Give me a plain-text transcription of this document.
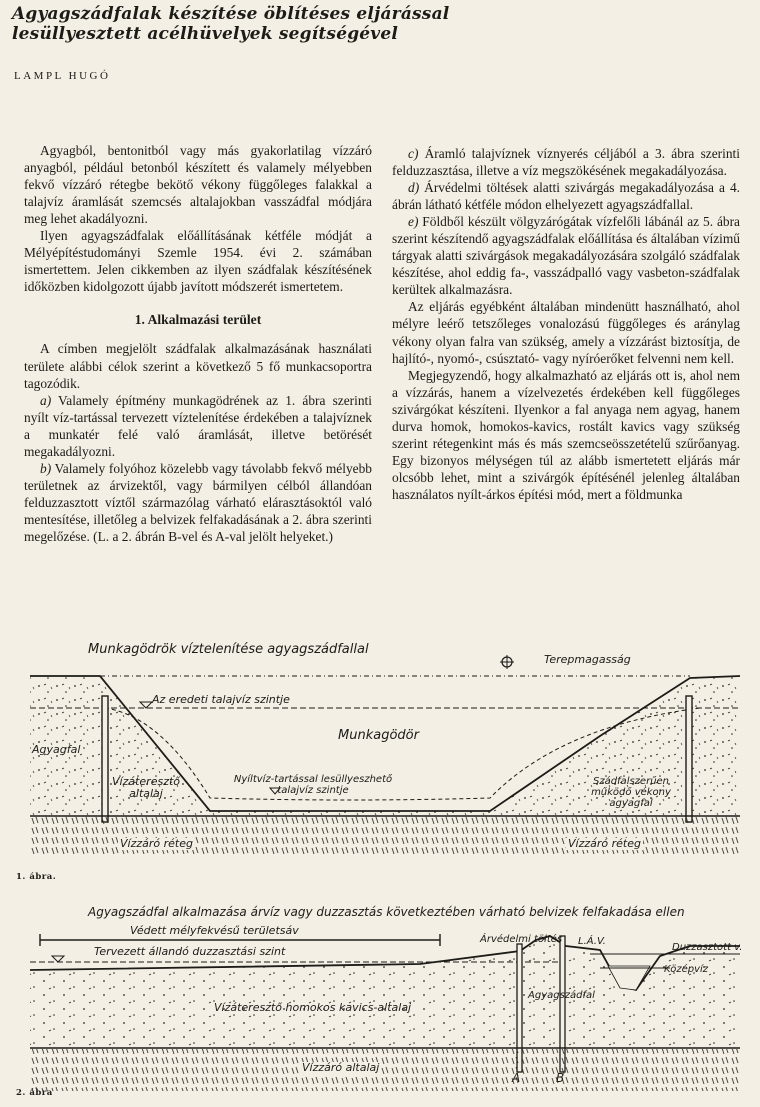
Agyagszádfalak készítése öblítéses eljárással
lesüllyesztett acélhüvelyek segítségével
LAMPL HUGÓ

Agyagból, bentonitból vagy más gyakorlatilag vízzáró anyagból, például betonból készített és valamely mélyebben fekvő vízzáró rétegbe bekötő vékony függőleges falakkal a talajvíz áramlását szemcsés altalajokban vasszádfal módjára meg lehet akadályozni.

Ilyen agyagszádfalak előállításának kétféle módját a Mélyépítéstudományi Szemle 1954. évi 2. számában ismertettem. Jelen cikkemben az ilyen szádfalak készítésének időközben kidolgozott újabb javított módszerét ismertetem.

1. Alkalmazási terület

A címben megjelölt szádfalak alkalmazásának használati területe alábbi célok szerint a következő 5 fő munkacsoportra tagozódik.

a) Valamely építmény munkagödrének az 1. ábra szerinti nyílt víz-tartással tervezett víztelenítése érdekében a talajvíznek a munkatér felé való áramlását, illetve betörését megakadályozni.

b) Valamely folyóhoz közelebb vagy távolabb fekvő mélyebb területnek az árvizektől, vagy bármilyen célból állandóan felduzzasztott víztől származólag várható elárasztásoktól való mentesítése, illetőleg a belvizek felfakadásának a 2. ábra szerinti megelőzése. (L. a 2. ábrán B-vel és A-val jelölt helyeket.)

c) Áramló talajvíznek víznyerés céljából a 3. ábra szerinti felduzzasztása, illetve a víz megszökésének megakadályozása.

d) Árvédelmi töltések alatti szivárgás megakadályozása a 4. ábrán látható kétféle módon elhelyezett agyagszádfallal.

e) Földből készült völgyzárógátak vízfelőli lábánál az 5. ábra szerint készítendő agyagszádfalak előállítása és általában vízimű tárgyak alatti szivárgások megakadályozására szolgáló szádfalak készítése, ahol eddig fa-, vasszádpalló vagy vasbeton-szádfalak kerültek alkalmazásra.

Az eljárás egyébként általában mindenütt használható, ahol mélyre leérő tetszőleges vonalozású függőleges és aránylag vékony olyan falra van szükség, amely a vízzárást biztosítja, de hajlító-, nyomó-, csúsztató- vagy nyíróerőket felvenni nem kell.

Megjegyzendő, hogy alkalmazható az eljárás ott is, ahol nem a vízzárás, hanem a vízelvezetés érdekében kell függőleges szivárgókat készíteni. Ilyenkor a fal anyaga nem agyag, hanem durva homok, homokos-kavics, rostált kavics vagy szükség szerint rétegenkint más és más szemcseösszetételű szűrőanyag. Egy bizonyos mélységen túl az alább ismertetett eljárás már olcsóbb lehet, mint a szivárgók építésénél jelenleg általában használatos nyílt-árkos építési mód, mert a földmunka

Munkagödrök víztelenítése agyagszádfallal
Terepmagasság
Az eredeti talajvíz szintje
Munkagödör
Agyagfal
Vízáteresztő
altalaj
Nyíltvíz-tartással lesüllyeszhető
talajvíz szintje
Szádfalszerűen
működő vékony
agyagfal
Vízzáró réteg	Vízzáró réteg
1. ábra.
Agyagszádfal alkalmazása árvíz vagy duzzasztás következtében várható belvizek felfakadása ellen
Védett mélyfekvésű területsáv
Tervezett állandó duzzasztási szint
Árvédelmi töltés L.Á.V.
Duzzasztott v.
Középvíz
Agyagszádfal
Vízáteresztő homokos kavics-altalaj
Vízzáró altalaj
A	B
2. ábra
